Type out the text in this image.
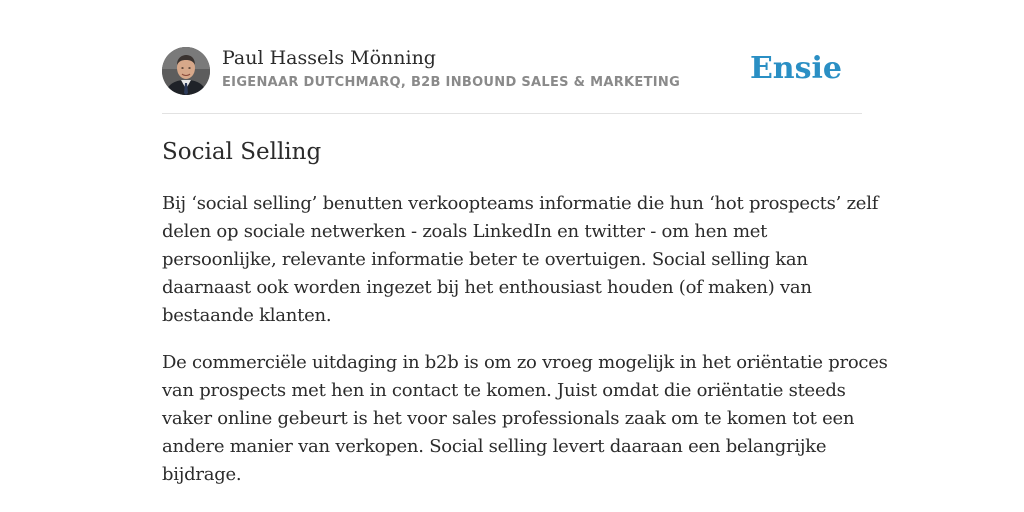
Paul Hassels Mönning
EIGENAAR DUTCHMARQ, B2B INBOUND SALES & MARKETING Ensie
Social Selling

Bij ‘social selling’ benutten verkoopteams informatie die hun ‘hot prospects’ zelf
delen op sociale netwerken - zoals LinkedIn en twitter - om hen met
persoonlijke, relevante informatie beter te overtuigen. Social selling kan
daarnaast ook worden ingezet bij het enthousiast houden (of maken) van
bestaande klanten.

De commerciële uitdaging in b2b is om zo vroeg mogelijk in het oriëntatie proces
van prospects met hen in contact te komen. Juist omdat die oriëntatie steeds
vaker online gebeurt is het voor sales professionals zaak om te komen tot een
andere manier van verkopen. Social selling levert daaraan een belangrijke
bijdrage.
